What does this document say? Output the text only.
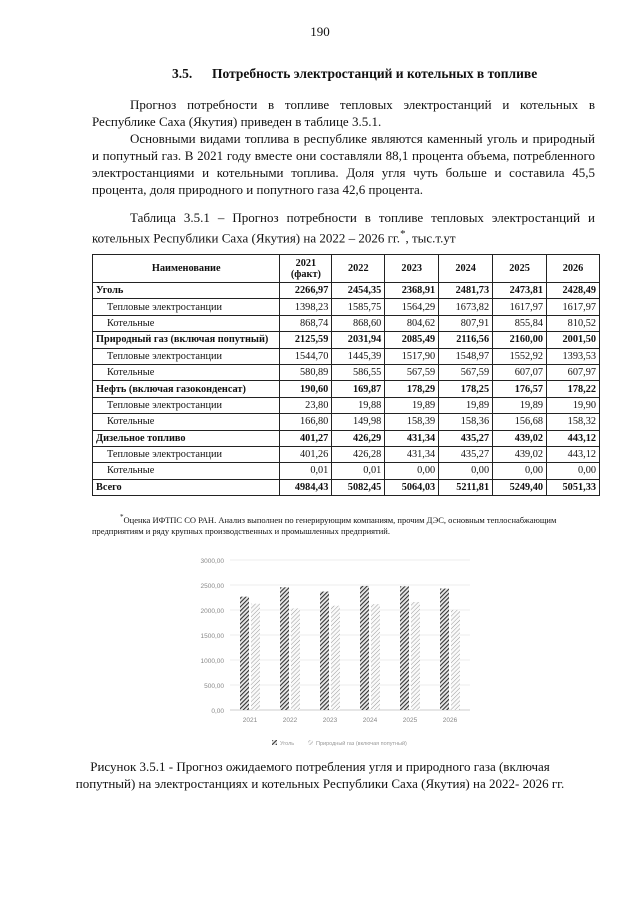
190
3.5. Потребность электростанций и котельных в топливе

Прогноз потребности в топливе тепловых электростанций и котельных в Республике Саха (Якутия) приведен в таблице 3.5.1.

Основными видами топлива в республике являются каменный уголь и природный и попутный газ. В 2021 году вместе они составляли 88,1 процента объема, потребленного электростанциями и котельными топлива. Доля угля чуть больше и составила 45,5 процента, доля природного и попутного газа 42,6 процента.

Таблица 3.5.1 – Прогноз потребности в топливе тепловых электростанций и котельных Республики Саха (Якутия) на 2022 – 2026 гг.*, тыс.т.ут

Наименование	2021 (факт)	2022	2023	2024	2025	2026
Уголь	2266,97	2454,35	2368,91	2481,73	2473,81	2428,49
Тепловые электростанции	1398,23	1585,75	1564,29	1673,82	1617,97	1617,97
Котельные	868,74	868,60	804,62	807,91	855,84	810,52
Природный газ (включая попутный)	2125,59	2031,94	2085,49	2116,56	2160,00	2001,50
Тепловые электростанции	1544,70	1445,39	1517,90	1548,97	1552,92	1393,53
Котельные	580,89	586,55	567,59	567,59	607,07	607,97
Нефть (включая газоконденсат)	190,60	169,87	178,29	178,25	176,57	178,22
Тепловые электростанции	23,80	19,88	19,89	19,89	19,89	19,90
Котельные	166,80	149,98	158,39	158,36	156,68	158,32
Дизельное топливо	401,27	426,29	431,34	435,27	439,02	443,12
Тепловые электростанции	401,26	426,28	431,34	435,27	439,02	443,12
Котельные	0,01	0,01	0,00	0,00	0,00	0,00
Всего	4984,43	5082,45	5064,03	5211,81	5249,40	5051,33

*Оценка ИФТПС СО РАН. Анализ выполнен по генерирующим компаниям, прочим ДЭС, основным теплоснабжающим предприятиям и ряду крупных производственных и промышленных предприятий.

0,00
500,00
1000,00
1500,00
2000,00
2500,00
3000,00
2021	2022	2023	2024	2025	2026
Уголь	Природный газ (включая попутный)

Рисунок 3.5.1 - Прогноз ожидаемого потребления угля и природного газа (включая попутный) на электростанциях и котельных Республики Саха (Якутия) на 2022- 2026 гг.
